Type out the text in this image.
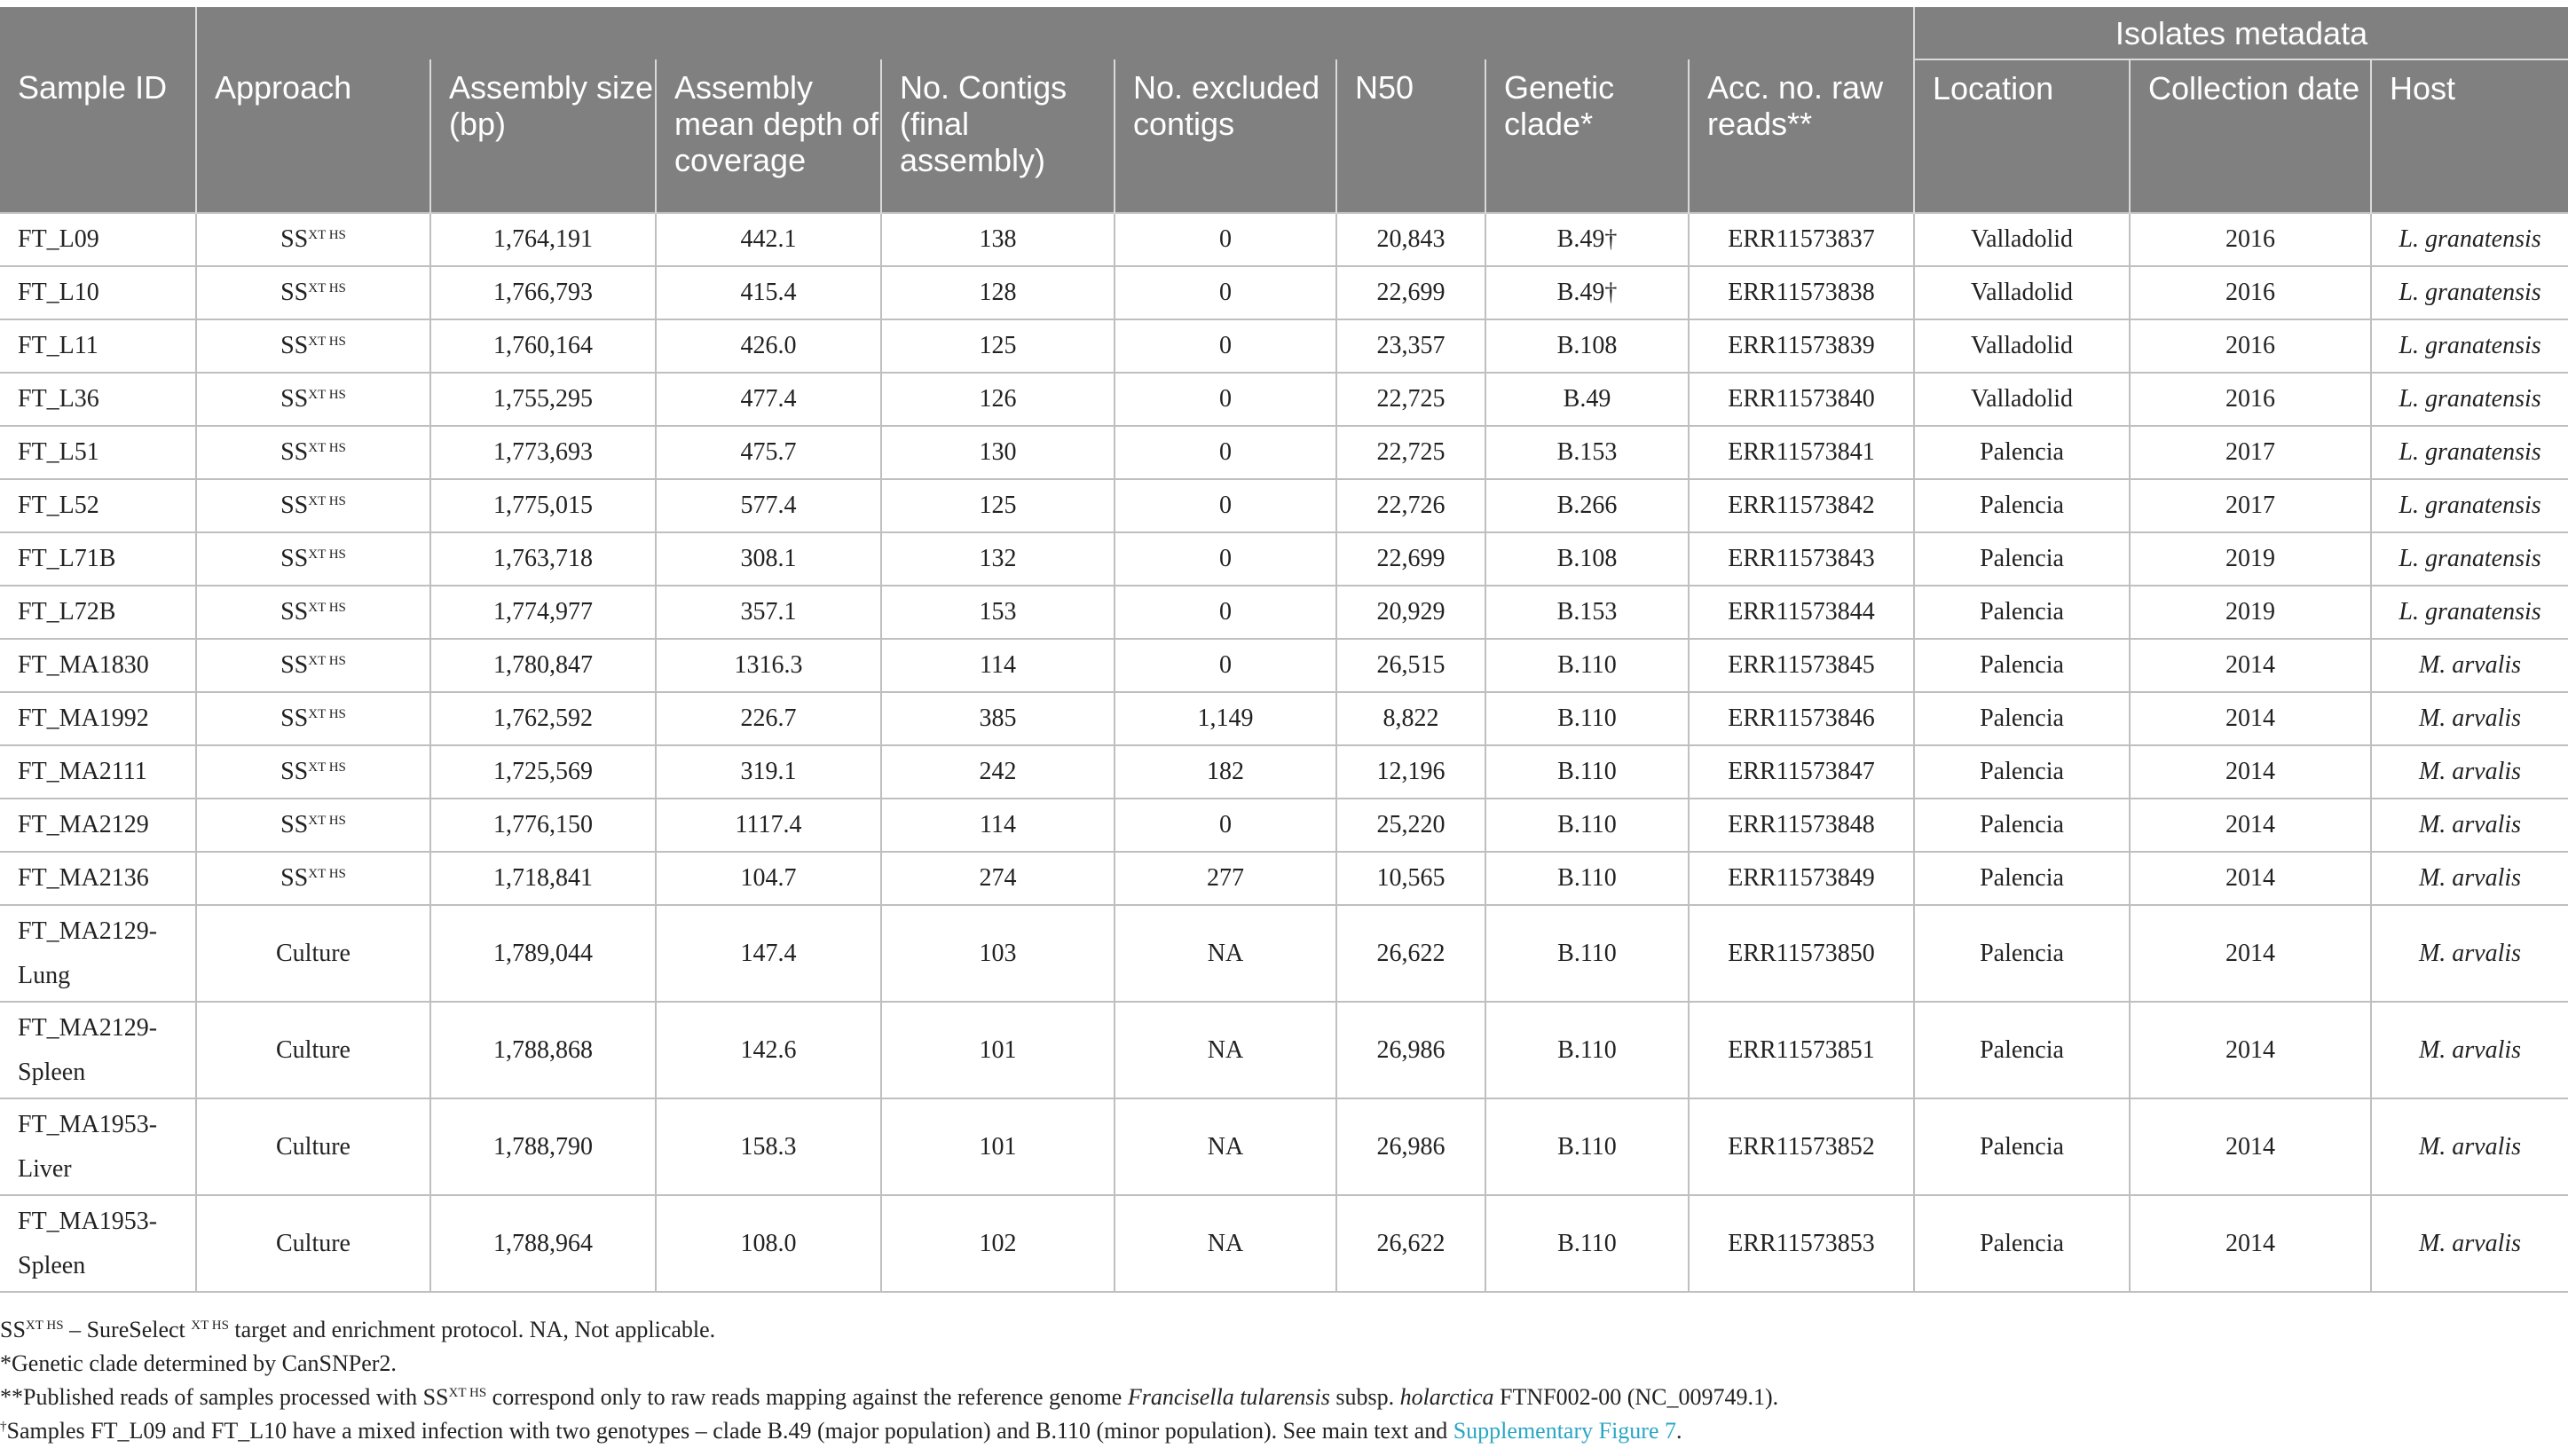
									Isolates metadata		
Sample ID	Approach	Assembly size (bp)	Assembly mean depth of coverage	No. Contigs (final assembly)	No. excluded contigs	N50	Genetic clade*	Acc. no. raw reads**	Location	Collection date	Host
FT_L09	$SS^{XT HS}$	1,764,191	442.1	138	0	20,843	B.49†	ERR11573837	Valladolid	2016	L. granatensis
FT_L10	$SS^{XT HS}$	1,766,793	415.4	128	0	22,699	B.49†	ERR11573838	Valladolid	2016	L. granatensis
FT_L11	$SS^{XT HS}$	1,760,164	426.0	125	0	23,357	B.108	ERR11573839	Valladolid	2016	L. granatensis
FT_L36	$SS^{XT HS}$	1,755,295	477.4	126	0	22,725	B.49	ERR11573840	Valladolid	2016	L. granatensis
FT_L51	$SS^{XT HS}$	1,773,693	475.7	130	0	22,725	B.153	ERR11573841	Palencia	2017	L. granatensis
FT_L52	$SS^{XT HS}$	1,775,015	577.4	125	0	22,726	B.266	ERR11573842	Palencia	2017	L. granatensis
FT_L71B	$SS^{XT HS}$	1,763,718	308.1	132	0	22,699	B.108	ERR11573843	Palencia	2019	L. granatensis
FT_L72B	$SS^{XT HS}$	1,774,977	357.1	153	0	20,929	B.153	ERR11573844	Palencia	2019	L. granatensis
FT_MA1830	$SS^{XT HS}$	1,780,847	1316.3	114	0	26,515	B.110	ERR11573845	Palencia	2014	M. arvalis
FT_MA1992	$SS^{XT HS}$	1,762,592	226.7	385	1,149	8,822	B.110	ERR11573846	Palencia	2014	M. arvalis
FT_MA2111	$SS^{XT HS}$	1,725,569	319.1	242	182	12,196	B.110	ERR11573847	Palencia	2014	M. arvalis
FT_MA2129	$SS^{XT HS}$	1,776,150	1117.4	114	0	25,220	B.110	ERR11573848	Palencia	2014	M. arvalis
FT_MA2136	$SS^{XT HS}$	1,718,841	104.7	274	277	10,565	B.110	ERR11573849	Palencia	2014	M. arvalis
FT_MA2129-Lung	Culture	1,789,044	147.4	103	NA	26,622	B.110	ERR11573850	Palencia	2014	M. arvalis
FT_MA2129-Spleen	Culture	1,788,868	142.6	101	NA	26,986	B.110	ERR11573851	Palencia	2014	M. arvalis
FT_MA1953-Liver	Culture	1,788,790	158.3	101	NA	26,986	B.110	ERR11573852	Palencia	2014	M. arvalis
FT_MA1953-Spleen	Culture	1,788,964	108.0	102	NA	26,622	B.110	ERR11573853	Palencia	2014	M. arvalis
$SS^{XT HS}$ – SureSelect $^{XT HS}$ target and enrichment protocol. NA, Not applicable.
*Genetic clade determined by CanSNPer2.
**Published reads of samples processed with $SS^{XT HS}$ correspond only to raw reads mapping against the reference genome Francisella tularensis subsp. holarctica FTNF002-00 (NC_009749.1).
†Samples FT_L09 and FT_L10 have a mixed infection with two genotypes – clade B.49 (major population) and B.110 (minor population). See main text and Supplementary Figure 7.
